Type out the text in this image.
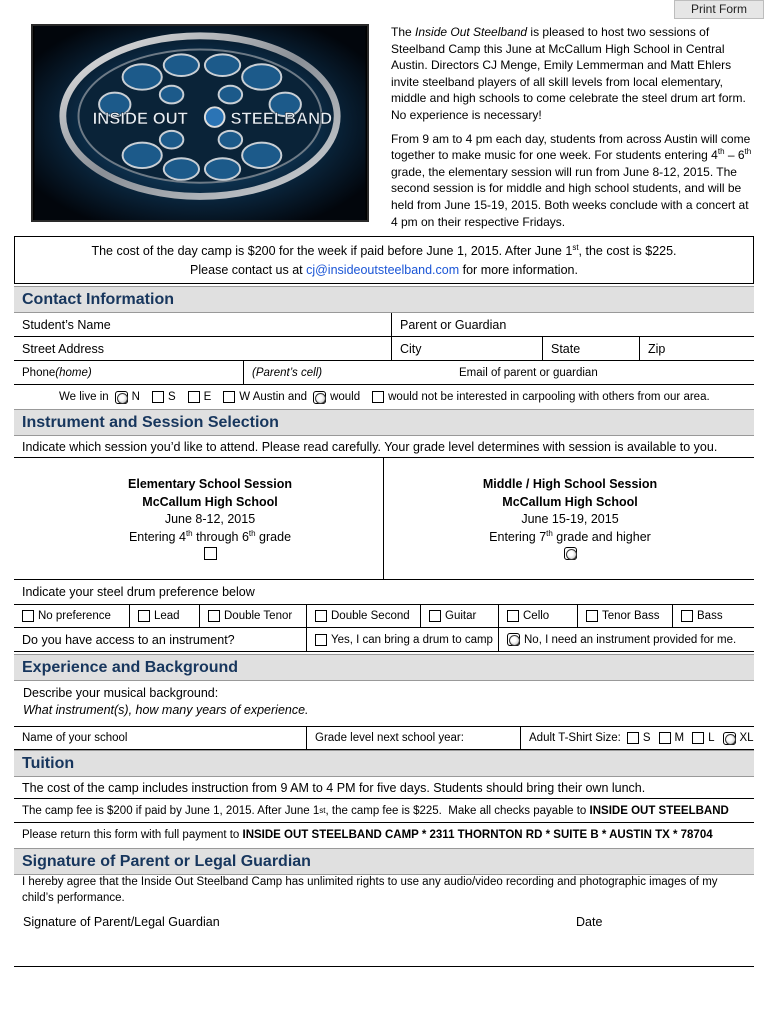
Print Form
INSIDE OUT	STEELBAND

The Inside Out Steelband is pleased to host two sessions of Steelband Camp this June at McCallum High School in Central Austin. Directors CJ Menge, Emily Lemmerman and Matt Ehlers invite steelband players of all skill levels from local elementary, middle and high schools to come celebrate the steel drum art form. No experience is necessary!

From 9 am to 4 pm each day, students from across Austin will come together to make music for one week. For students entering 4th – 6th grade, the elementary session will run from June 8-12, 2015. The second session is for middle and high school students, and will be held from June 15-19, 2015. Both weeks conclude with a concert at 4 pm on their respective Fridays.

The cost of the day camp is $200 for the week if paid before June 1, 2015. After June 1st, the cost is $225.
Please contact us at cj@insideoutsteelband.com for more information.
Contact Information
Student’s Name	Parent or Guardian
Street Address	City	State	Zip
Phone (home)	(Parent’s cell)	Email of parent or guardian
We live in N S E W Austin and would would not be interested in carpooling with others from our area.
Instrument and Session Selection
Indicate which session you’d like to attend. Please read carefully. Your grade level determines with session is available to you.
Elementary School Session
McCallum High School
June 8-12, 2015
Entering 4th through 6th grade
Middle / High School Session
McCallum High School
June 15-19, 2015
Entering 7th grade and higher
Indicate your steel drum preference below
No preference	Lead	Double Tenor	Double Second	Guitar	Cello	Tenor Bass	Bass
Do you have access to an instrument?	Yes, I can bring a drum to camp	No, I need an instrument provided for me.
Experience and Background
Describe your musical background:
What instrument(s), how many years of experience.
Name of your school	Grade level next school year:	Adult T-Shirt Size: S M L XL
Tuition
The cost of the camp includes instruction from 9 AM to 4 PM for five days. Students should bring their own lunch.
The camp fee is $200 if paid by June 1, 2015. After June 1 st , the camp fee is $225.  Make all checks payable to INSIDE OUT STEELBAND
Please return this form with full payment to INSIDE OUT STEELBAND CAMP * 2311 THORNTON RD * SUITE B * AUSTIN TX * 78704
Signature of Parent or Legal Guardian
I hereby agree that the Inside Out Steelband Camp has unlimited rights to use any audio/video recording and photographic images of my child’s performance.
Signature of Parent/Legal Guardian	Date
